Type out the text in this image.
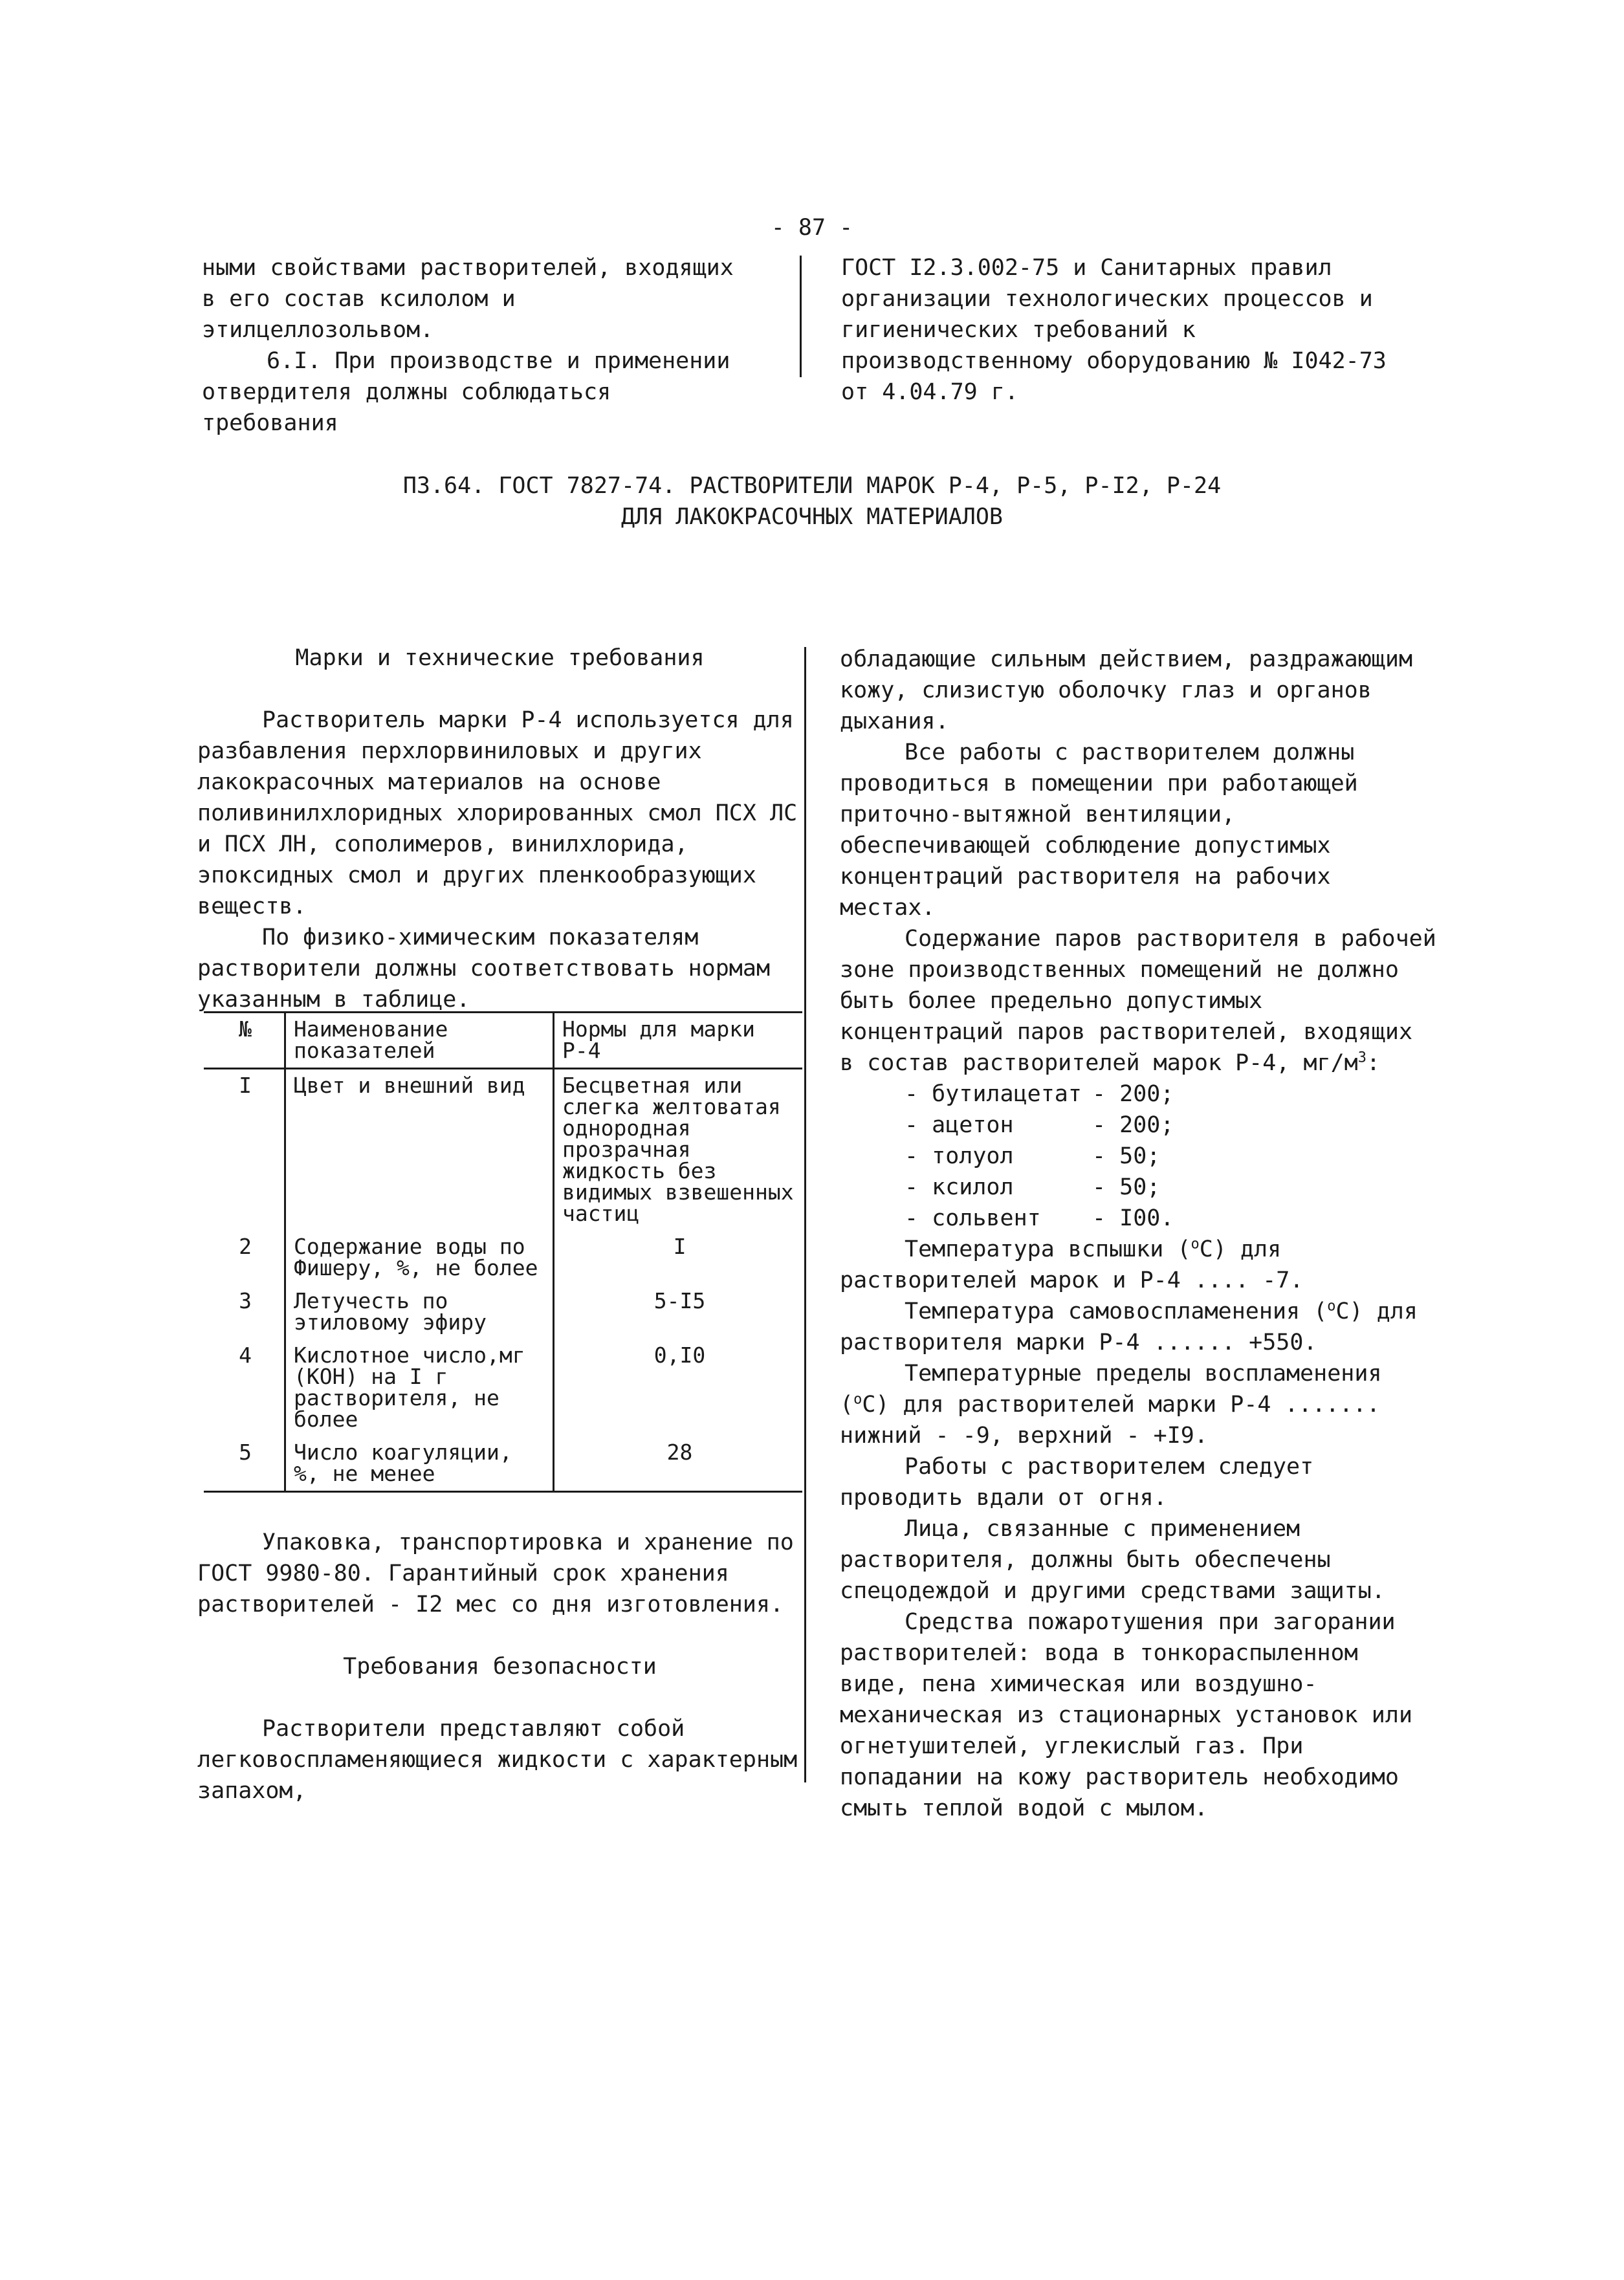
- 87 -

ными свойствами растворителей, входящих в его состав ксилолом и этилцеллозольвом.

6.I. При производстве и применении отвердителя должны соблюдаться требования

ГОСТ I2.3.002-75 и Санитарных правил организации технологических процессов и гигиенических требований к производственному оборудованию № I042-73 от 4.04.79 г.

П3.64. ГОСТ 7827-74. РАСТВОРИТЕЛИ МАРОК Р-4, Р-5, Р-I2, Р-24
ДЛЯ ЛАКОКРАСОЧНЫХ МАТЕРИАЛОВ

Марки и технические требования

Растворитель марки Р-4 используется для разбавления перхлорвиниловых и других лакокрасочных материалов на основе поливинилхлоридных хлорированных смол ПСХ ЛС и ПСХ ЛН, сополимеров, винилхлорида, эпоксидных смол и других пленкообразующих веществ.

По физико-химическим показателям растворители должны соответствовать нормам указанным в таблице.

№	Наименование показателей	Нормы для марки Р-4
I	Цвет и внешний вид	Бесцветная или слегка желтоватая однородная прозрачная жидкость без видимых взвешенных частиц
2	Содержание воды по Фишеру, %, не более	I
3	Летучесть по этиловому эфиру	5-I5
4	Кислотное число,мг (КОН) на I г растворителя, не более	0,I0
5	Число коагуляции, %, не менее	28

Упаковка, транспортировка и хранение по ГОСТ 9980-80. Гарантийный срок хранения растворителей - I2 мес со дня изготовления.

Требования безопасности

Растворители представляют собой легковоспламеняющиеся жидкости с характерным запахом,

обладающие сильным действием, раздражающим кожу, слизистую оболочку глаз и органов дыхания.

Все работы с растворителем должны проводиться в помещении при работающей приточно-вытяжной вентиляции, обеспечивающей соблюдение допустимых концентраций растворителя на рабочих местах.

Содержание паров растворителя в рабочей зоне производственных помещений не должно быть более предельно допустимых концентраций паров растворителей, входящих в состав растворителей марок Р-4, $мг/м^3$:

- бутилацетат - 200;
- ацетон	- 200;
- толуол	- 50;
- ксилол	- 50;
- сольвент	- I00.

Температура вспышки ($^о$С) для растворителей марок и Р-4 .... -7.

Температура самовоспламенения ($^о$С) для растворителя марки Р-4 ...... +550.

Температурные пределы воспламенения ($^о$С) для растворителей марки Р-4 ....... нижний - -9, верхний - +I9.

Работы с растворителем следует проводить вдали от огня.

Лица, связанные с применением растворителя, должны быть обеспечены спецодеждой и другими средствами защиты.

Средства пожаротушения при загорании растворителей: вода в тонкораспыленном виде, пена химическая или воздушно-механическая из стационарных установок или огнетушителей, углекислый газ. При попадании на кожу растворитель необходимо смыть теплой водой с мылом.
